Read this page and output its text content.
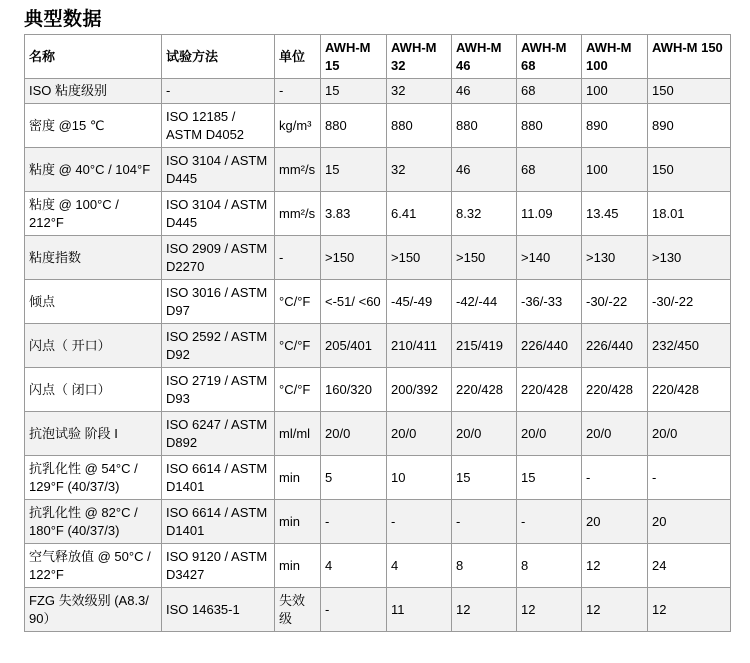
典型数据
名称	试验方法	单位	AWH-M 15	AWH-M 32	AWH-M 46	AWH-M 68	AWH-M 100	AWH-M 150
ISO 粘度级别	-	-	15	32	46	68	100	150
密度 @15 ℃	ISO 12185 / ASTM D4052	kg/m³	880	880	880	880	890	890
粘度 @ 40°C / 104°F	ISO 3104 / ASTM D445	mm²/s	15	32	46	68	100	150
粘度 @ 100°C / 212°F	ISO 3104 / ASTM D445	mm²/s	3.83	6.41	8.32	11.09	13.45	18.01
粘度指数	ISO 2909 / ASTM D2270	-	>150	>150	>150	>140	>130	>130
倾点	ISO 3016 / ASTM D97	°C/°F	<-51/ <60	-45/-49	-42/-44	-36/-33	-30/-22	-30/-22
闪点（ 开口）	ISO 2592 / ASTM D92	°C/°F	205/401	210/411	215/419	226/440	226/440	232/450
闪点（ 闭口）	ISO 2719 / ASTM D93	°C/°F	160/320	200/392	220/428	220/428	220/428	220/428
抗泡试验 阶段 I	ISO 6247 / ASTM D892	ml/ml	20/0	20/0	20/0	20/0	20/0	20/0
抗乳化性 @ 54°C / 129°F (40/37/3)	ISO 6614 / ASTM D1401	min	5	10	15	15	-	-
抗乳化性 @ 82°C / 180°F (40/37/3)	ISO 6614 / ASTM D1401	min	-	-	-	-	20	20
空气释放值 @ 50°C / 122°F	ISO 9120 / ASTM D3427	min	4	4	8	8	12	24
FZG 失效级别 (A8.3/ 90）	ISO 14635-1	失效级	-	11	12	12	12	12
